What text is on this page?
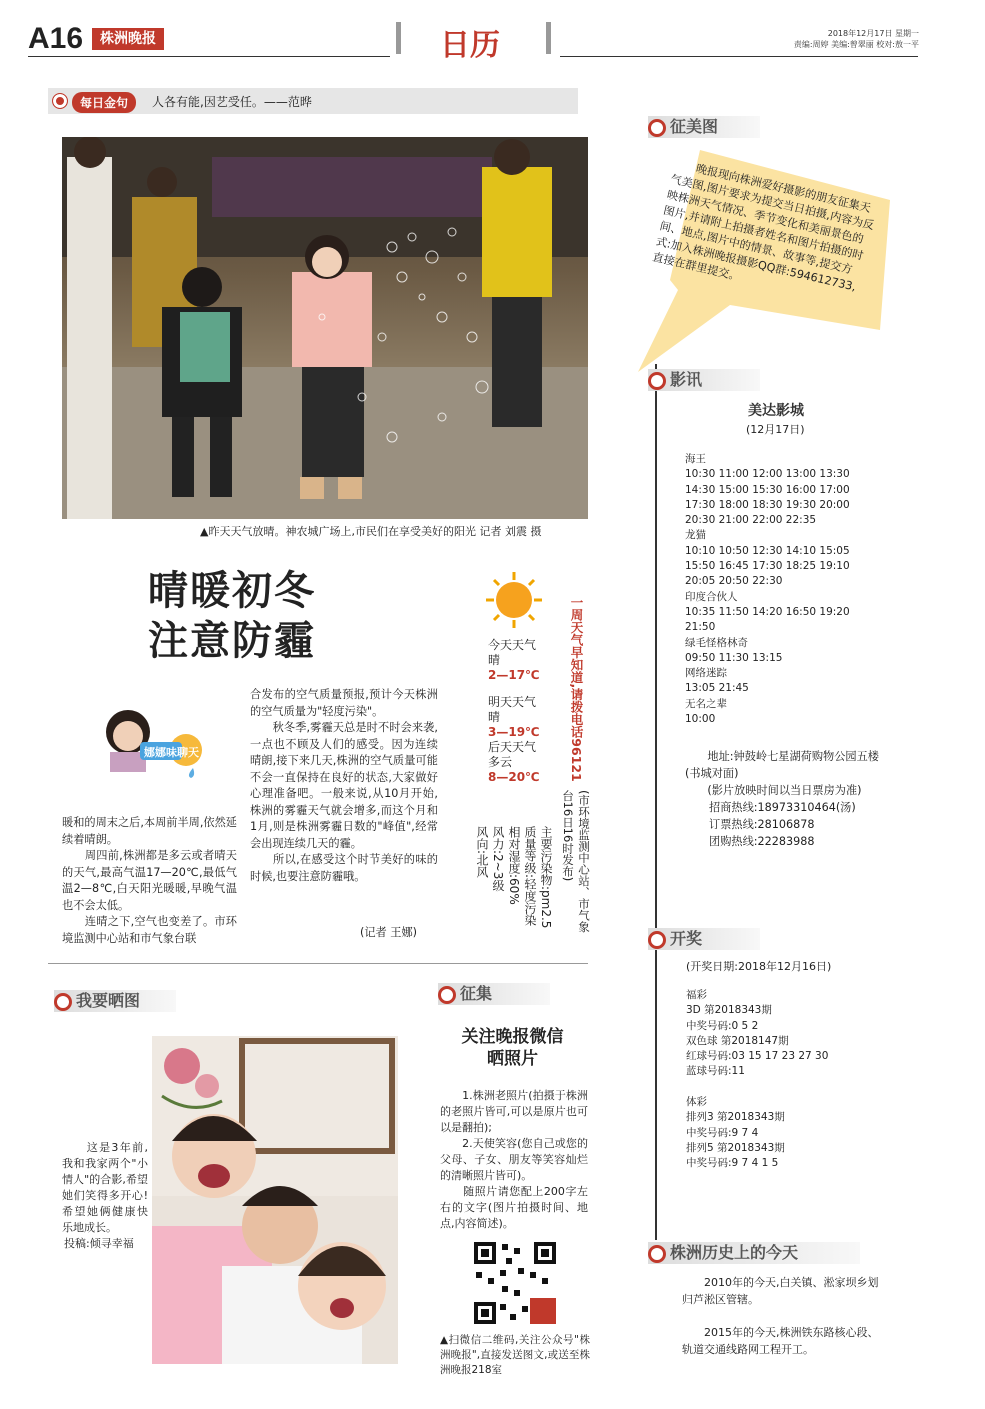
A16	株洲晚报	日历	2018年12月17日 星期一
责编:周婷 美编:曾翠丽 校对:敖一平
每日金句	人各有能,因艺受任。——范晔
▲昨天天气放晴。神农城广场上,市民们在享受美好的阳光 记者 刘震 摄
晴暖初冬
注意防霾
娜娜味聊天
暖和的周末之后,本周前半周,依然延续着晴朗。
　　周四前,株洲都是多云或者晴天的天气,最高气温17—20℃,最低气温2—8℃,白天阳光暖暖,早晚气温也不会太低。
　　连晴之下,空气也变差了。市环境监测中心站和市气象台联
合发布的空气质量预报,预计今天株洲的空气质量为"轻度污染"。
　　秋冬季,雾霾天总是时不时会来袭,一点也不顾及人们的感受。因为连续晴朗,接下来几天,株洲的空气质量可能不会一直保持在良好的状态,大家做好心理准备吧。一般来说,从10月开始,株洲的雾霾天气就会增多,而这个月和1月,则是株洲雾霾日数的"峰值",经常会出现连续几天的霾。
　　所以,在感受这个时节美好的味的时候,也要注意防霾哦。
(记者 王娜)
今天天气
晴
2—17℃
明天天气
晴
3—19℃
后天天气
多云
8—20℃ 一周天气早知道,请拨电话96121
(市环境监测中心站、市气象台16日16时发布)
主要污染物:pm2.5
质量等级:轻度污染
相对湿度:60%
风力:2~3级
风向:北风
征美图
　　晚报现向株洲爱好摄影的朋友征集天气美图,图片要求为提交当日拍摄,内容为反映株洲天气情况、季节变化和美丽景色的图片,并请附上拍摄者姓名和图片拍摄的时间、地点,图片中的情景、故事等,提交方式:加入株洲晚报摄影QQ群:594612733,直接在群里提交。
影讯
美达影城
(12月17日)
海王
10:30 11:00 12:00 13:00 13:30
14:30 15:00 15:30 16:00 17:00
17:30 18:00 18:30 19:30 20:00
20:30 21:00 22:00 22:35
龙猫
10:10 10:50 12:30 14:10 15:05
15:50 16:45 17:30 18:25 19:10
20:05 20:50 22:30
印度合伙人
10:35 11:50 14:20 16:50 19:20
21:50
绿毛怪格林奇
09:50 11:30 13:15
网络迷踪
13:05 21:45
无名之辈
10:00
　　地址:钟鼓岭七星湖荷购物公园五楼(书城对面)
　　(影片放映时间以当日票房为准)
招商热线:18973310464(汤)
订票热线:28106878
团购热线:22283988
开奖
(开奖日期:2018年12月16日)
福彩
3D 第2018343期
中奖号码:0 5 2
双色球 第2018147期
红球号码:03 15 17 23 27 30
蓝球号码:11

体彩
排列3 第2018343期
中奖号码:9 7 4
排列5 第2018343期
中奖号码:9 7 4 1 5
株洲历史上的今天
　　2010年的今天,白关镇、淞家坝乡划归芦淞区管辖。
　　2015年的今天,株洲铁东路核心段、轨道交通线路网工程开工。
我要晒图
　　这是3年前,我和我家两个"小情人"的合影,希望她们笑得多开心!希望她俩健康快乐地成长。
投稿:倾寻幸福
征集
关注晚报微信
晒照片
　　1.株洲老照片(拍摄于株洲的老照片皆可,可以是原片也可以是翻拍);
　　2.天使笑容(您自己或您的父母、子女、朋友等笑容灿烂的清晰照片皆可)。
　　随照片请您配上200字左右的文字(图片拍摄时间、地点,内容简述)。
▲扫微信二维码,关注公众号"株洲晚报",直接发送图文,或送至株洲晚报218室
